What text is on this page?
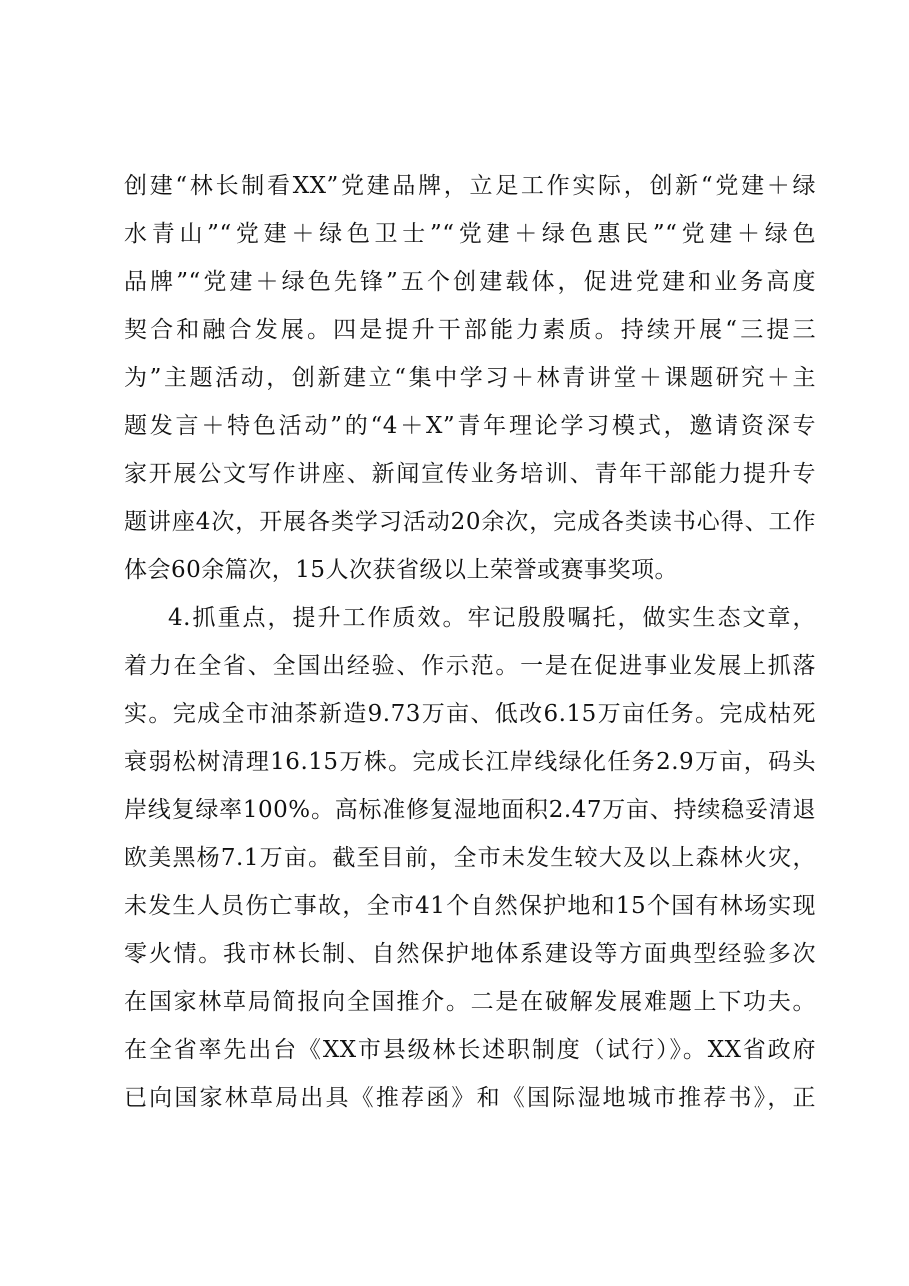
创建“林长制看XX”党建品牌，立足工作实际，创新“党建＋绿

水青山”“党建＋绿色卫士”“党建＋绿色惠民”“党建＋绿色

品牌”“党建＋绿色先锋”五个创建载体，促进党建和业务高度

契合和融合发展。四是提升干部能力素质。持续开展“三提三

为”主题活动，创新建立“集中学习＋林青讲堂＋课题研究＋主

题发言＋特色活动”的“4＋X”青年理论学习模式，邀请资深专

家开展公文写作讲座、新闻宣传业务培训、青年干部能力提升专

题讲座4次，开展各类学习活动20余次，完成各类读书心得、工作

体会60余篇次，15人次获省级以上荣誉或赛事奖项。

4.抓重点，提升工作质效。牢记殷殷嘱托，做实生态文章，

着力在全省、全国出经验、作示范。一是在促进事业发展上抓落

实。完成全市油茶新造9.73万亩、低改6.15万亩任务。完成枯死

衰弱松树清理16.15万株。完成长江岸线绿化任务2.9万亩，码头

岸线复绿率100%。高标准修复湿地面积2.47万亩、持续稳妥清退

欧美黑杨7.1万亩。截至目前，全市未发生较大及以上森林火灾，

未发生人员伤亡事故，全市41个自然保护地和15个国有林场实现

零火情。我市林长制、自然保护地体系建设等方面典型经验多次

在国家林草局简报向全国推介。二是在破解发展难题上下功夫。

在全省率先出台《XX市县级林长述职制度（试行）》。XX省政府

已向国家林草局出具《推荐函》和《国际湿地城市推荐书》，正
